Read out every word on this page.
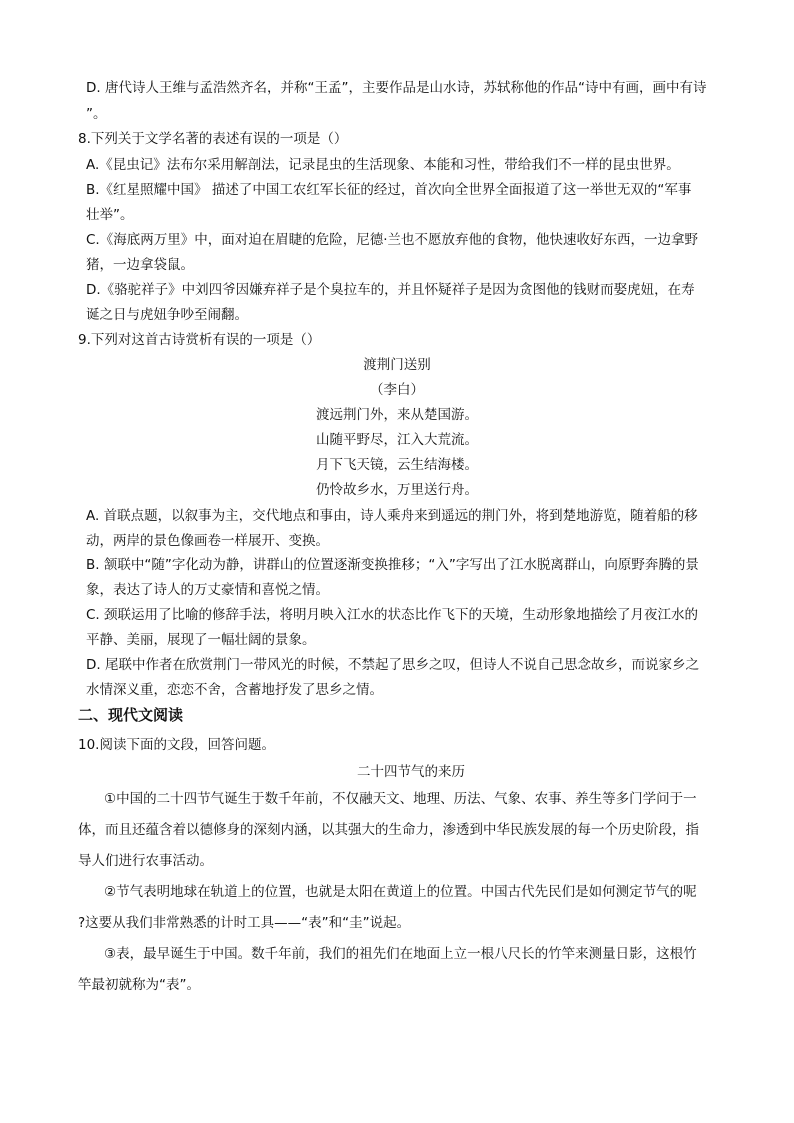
D. 唐代诗人王维与孟浩然齐名，并称“王孟”，主要作品是山水诗，苏轼称他的作品“诗中有画，画中有诗
”。
8.下列关于文学名著的表述有误的一项是（）
A.《昆虫记》法布尔采用解剖法，记录昆虫的生活现象、本能和习性，带给我们不一样的昆虫世界。
B.《红星照耀中国》 描述了中国工农红军长征的经过，首次向全世界全面报道了这一举世无双的“军事
壮举”。
C.《海底两万里》中，面对迫在眉睫的危险，尼德·兰也不愿放弃他的食物，他快速收好东西，一边拿野
猪，一边拿袋鼠。
D.《骆驼祥子》中刘四爷因嫌弃祥子是个臭拉车的，并且怀疑祥子是因为贪图他的钱财而娶虎妞，在寿
诞之日与虎妞争吵至闹翻。
9.下列对这首古诗赏析有误的一项是（）
渡荆门送别
（李白）
渡远荆门外，来从楚国游。
山随平野尽，江入大荒流。
月下飞天镜，云生结海楼。
仍怜故乡水，万里送行舟。
A. 首联点题，以叙事为主，交代地点和事由，诗人乘舟来到遥远的荆门外，将到楚地游览，随着船的移
动，两岸的景色像画卷一样展开、变换。
B. 颔联中“随”字化动为静，讲群山的位置逐渐变换推移；“入”字写出了江水脱离群山，向原野奔腾的景
象，表达了诗人的万丈豪情和喜悦之情。
C. 颈联运用了比喻的修辞手法，将明月映入江水的状态比作飞下的天境，生动形象地描绘了月夜江水的
平静、美丽，展现了一幅壮阔的景象。
D. 尾联中作者在欣赏荆门一带风光的时候，不禁起了思乡之叹，但诗人不说自己思念故乡，而说家乡之
水情深义重，恋恋不舍，含蓄地抒发了思乡之情。
二、现代文阅读
10.阅读下面的文段，回答问题。
二十四节气的来历
①中国的二十四节气诞生于数千年前，不仅融天文、地理、历法、气象、农事、养生等多门学问于一
体，而且还蕴含着以德修身的深刻内涵，以其强大的生命力，渗透到中华民族发展的每一个历史阶段，指
导人们进行农事活动。
②节气表明地球在轨道上的位置，也就是太阳在黄道上的位置。中国古代先民们是如何测定节气的呢
?这要从我们非常熟悉的计时工具——“表”和“圭”说起。
③表，最早诞生于中国。数千年前，我们的祖先们在地面上立一根八尺长的竹竿来测量日影，这根竹
竿最初就称为“表”。
